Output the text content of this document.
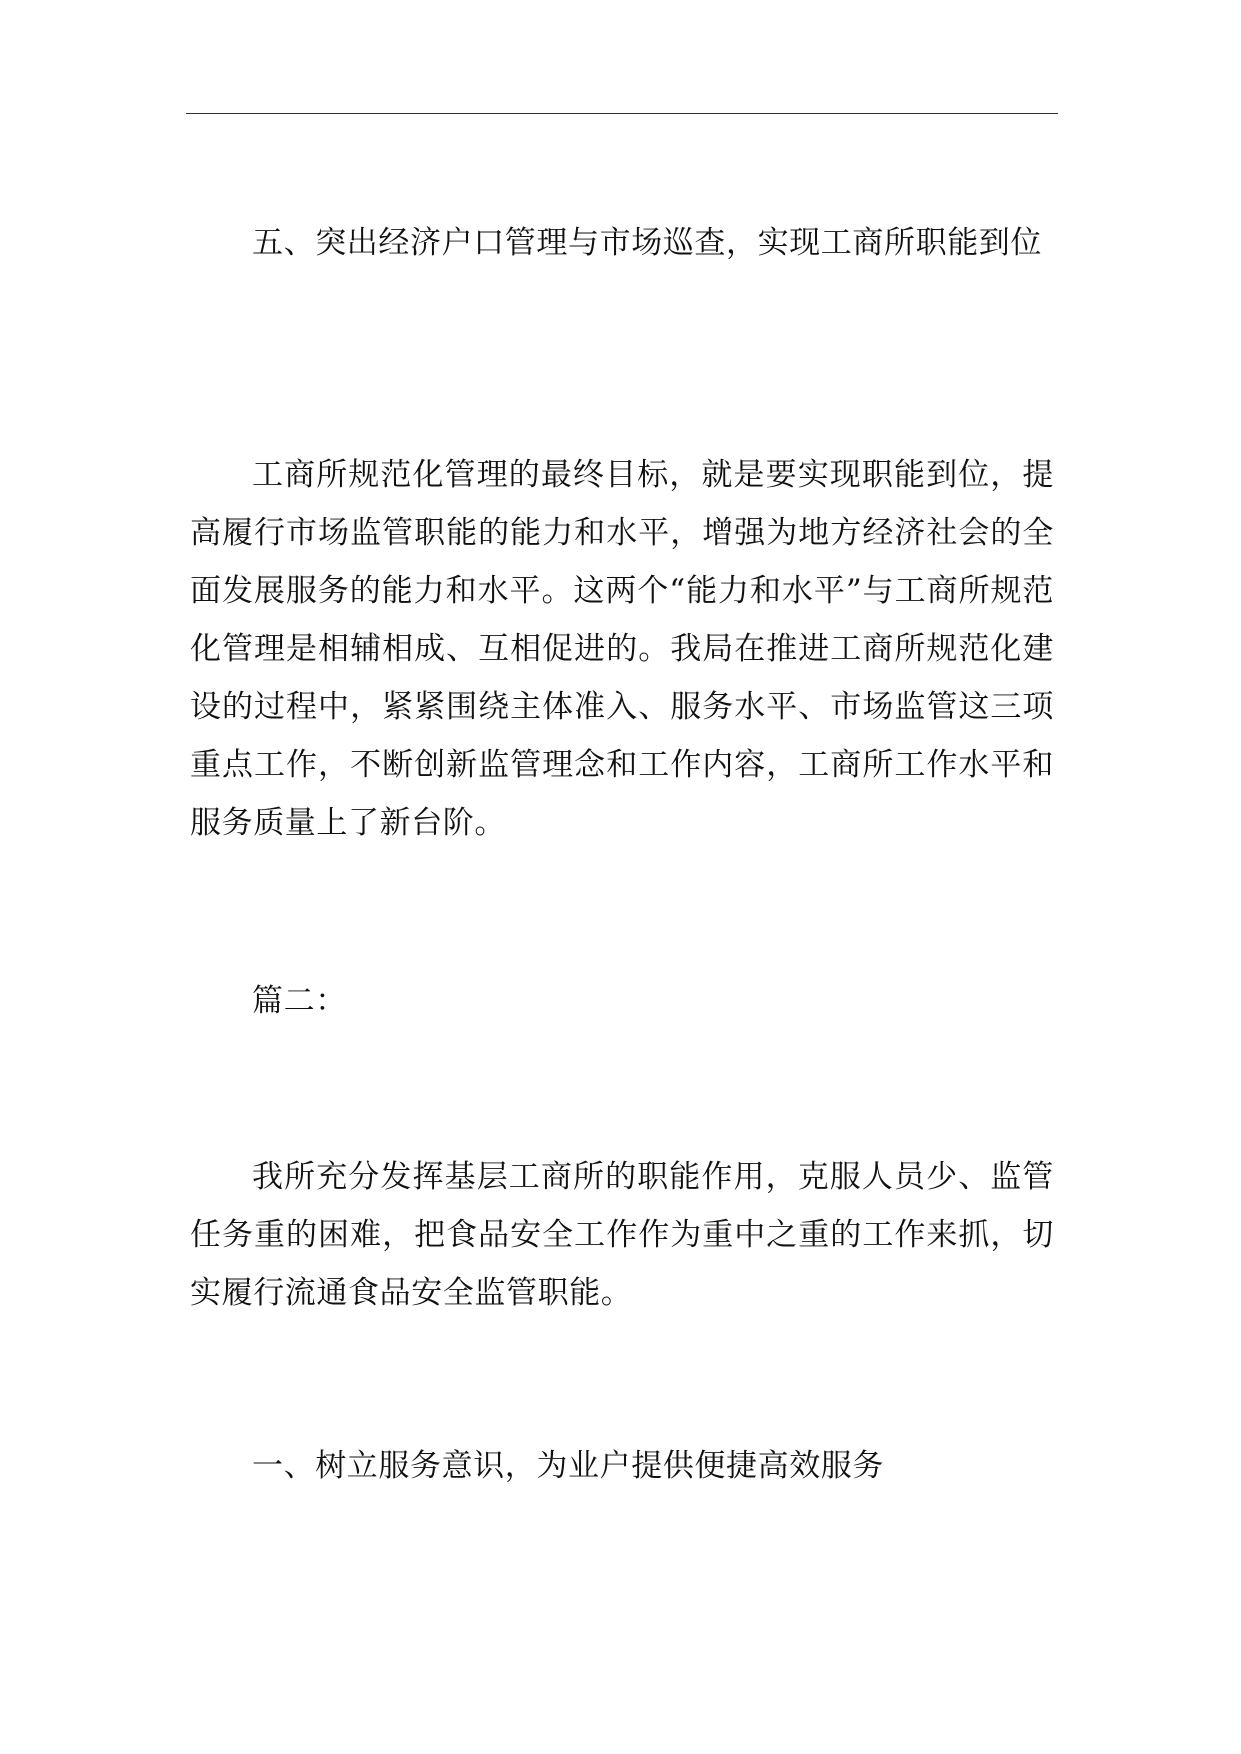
五、突出经济户口管理与市场巡查，实现工商所职能到位

工商所规范化管理的最终目标，就是要实现职能到位，提高履行市场监管职能的能力和水平，增强为地方经济社会的全面发展服务的能力和水平。这两个“能力和水平”与工商所规范化管理是相辅相成、互相促进的。我局在推进工商所规范化建设的过程中，紧紧围绕主体准入、服务水平、市场监管这三项重点工作，不断创新监管理念和工作内容，工商所工作水平和服务质量上了新台阶。

篇二：

我所充分发挥基层工商所的职能作用，克服人员少、监管任务重的困难，把食品安全工作作为重中之重的工作来抓，切实履行流通食品安全监管职能。

一、树立服务意识，为业户提供便捷高效服务
